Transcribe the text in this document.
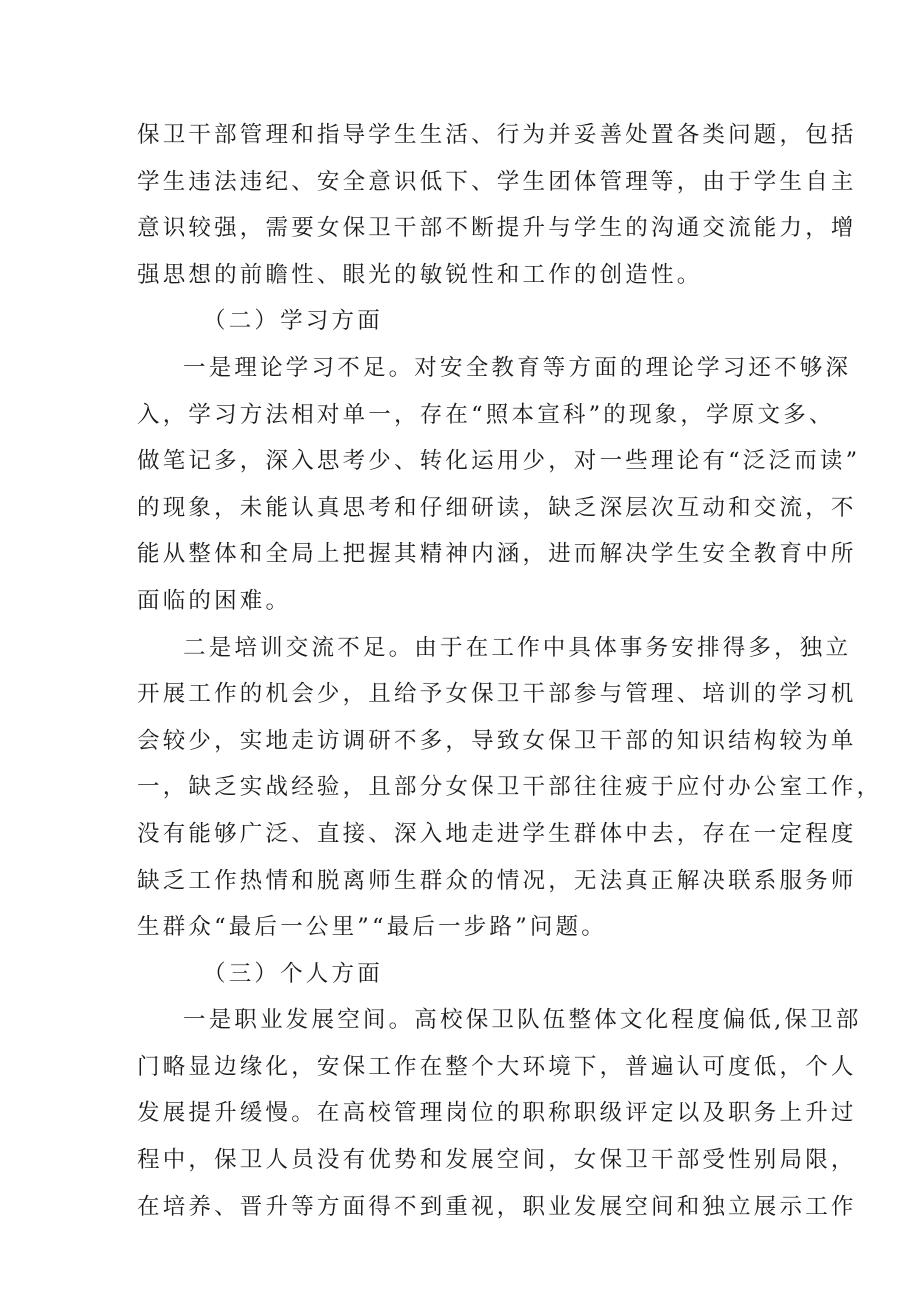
保卫干部管理和指导学生生活、行为并妥善处置各类问题，包括
学生违法违纪、安全意识低下、学生团体管理等，由于学生自主
意识较强，需要女保卫干部不断提升与学生的沟通交流能力，增
强思想的前瞻性、眼光的敏锐性和工作的创造性。
（二）学习方面
一是理论学习不足。对安全教育等方面的理论学习还不够深
入，学习方法相对单一，存在“照本宣科”的现象，学原文多、
做笔记多，深入思考少、转化运用少，对一些理论有“泛泛而读”
的现象，未能认真思考和仔细研读，缺乏深层次互动和交流，不
能从整体和全局上把握其精神内涵，进而解决学生安全教育中所
面临的困难。
二是培训交流不足。由于在工作中具体事务安排得多，独立
开展工作的机会少，且给予女保卫干部参与管理、培训的学习机
会较少，实地走访调研不多，导致女保卫干部的知识结构较为单
一，缺乏实战经验，且部分女保卫干部往往疲于应付办公室工作，
没有能够广泛、直接、深入地走进学生群体中去，存在一定程度
缺乏工作热情和脱离师生群众的情况，无法真正解决联系服务师
生群众“最后一公里”“最后一步路”问题。
（三）个人方面
一是职业发展空间。高校保卫队伍整体文化程度偏低,保卫部
门略显边缘化，安保工作在整个大环境下，普遍认可度低，个人
发展提升缓慢。在高校管理岗位的职称职级评定以及职务上升过
程中，保卫人员没有优势和发展空间，女保卫干部受性别局限，
在培养、晋升等方面得不到重视，职业发展空间和独立展示工作
